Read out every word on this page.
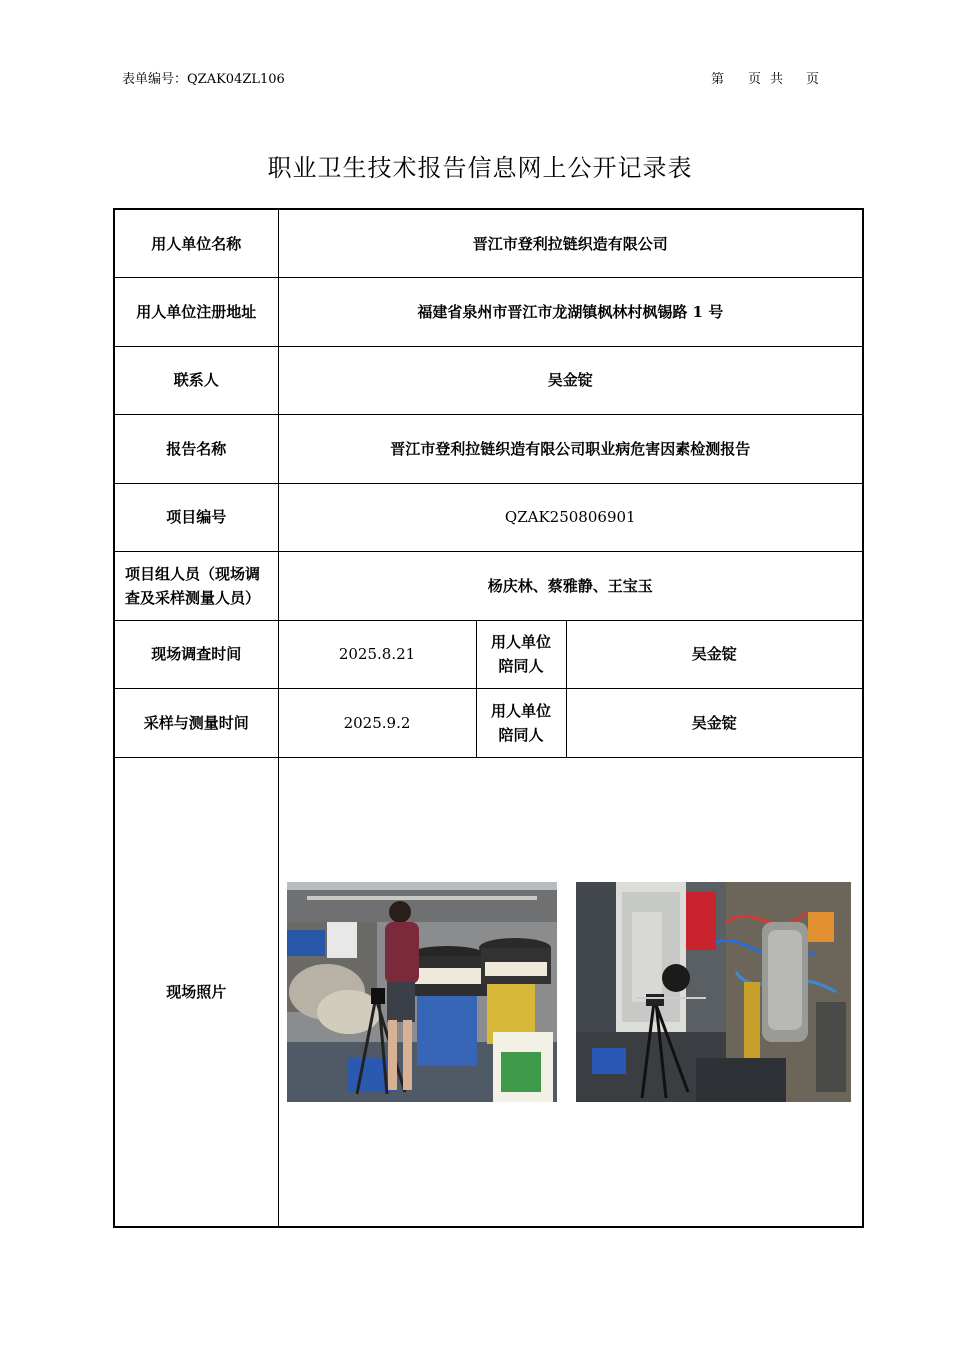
表单编号：QZAK04ZL106	第 页 共 页
职业卫生技术报告信息网上公开记录表
用人单位名称	晋江市登利拉链织造有限公司		
用人单位注册地址	福建省泉州市晋江市龙湖镇枫林村枫锡路 1 号		
联系人	吴金锭		
报告名称	晋江市登利拉链织造有限公司职业病危害因素检测报告		
项目编号	QZAK250806901		
项目组人员（现场调查及采样测量人员）	杨庆林、蔡雅静、王宝玉		
现场调查时间	2025.8.21	用人单位陪同人	吴金锭
采样与测量时间	2025.9.2	用人单位陪同人	吴金锭
现场照片	
